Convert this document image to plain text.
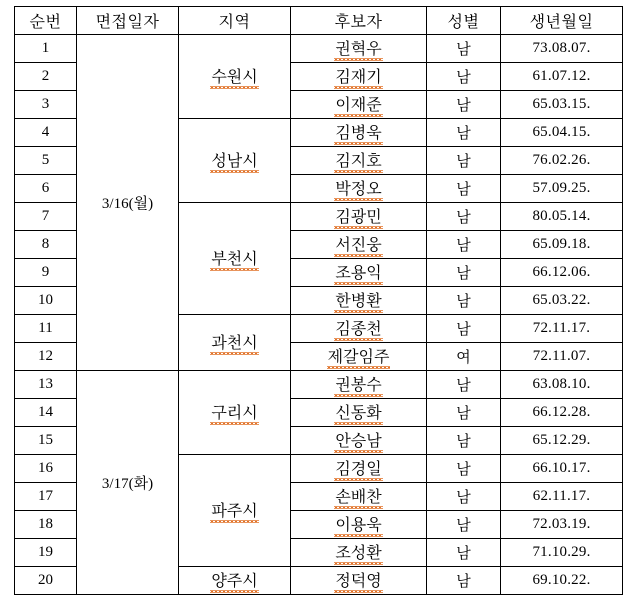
순번	면접일자	지역	후보자	성별	생년월일
1	3/16(월)	수원시	권혁우	남	73.08.07.
2			김재기	남	61.07.12.
3			이재준	남	65.03.15.
4		성남시	김병욱	남	65.04.15.
5			김지호	남	76.02.26.
6			박정오	남	57.09.25.
7		부천시	김광민	남	80.05.14.
8			서진웅	남	65.09.18.
9			조용익	남	66.12.06.
10			한병환	남	65.03.22.
11		과천시	김종천	남	72.11.17.
12			제갈임주	여	72.11.07.
13	3/17(화)	구리시	권봉수	남	63.08.10.
14			신동화	남	66.12.28.
15			안승남	남	65.12.29.
16		파주시	김경일	남	66.10.17.
17			손배찬	남	62.11.17.
18			이용욱	남	72.03.19.
19			조성환	남	71.10.29.
20		양주시	정덕영	남	69.10.22.
